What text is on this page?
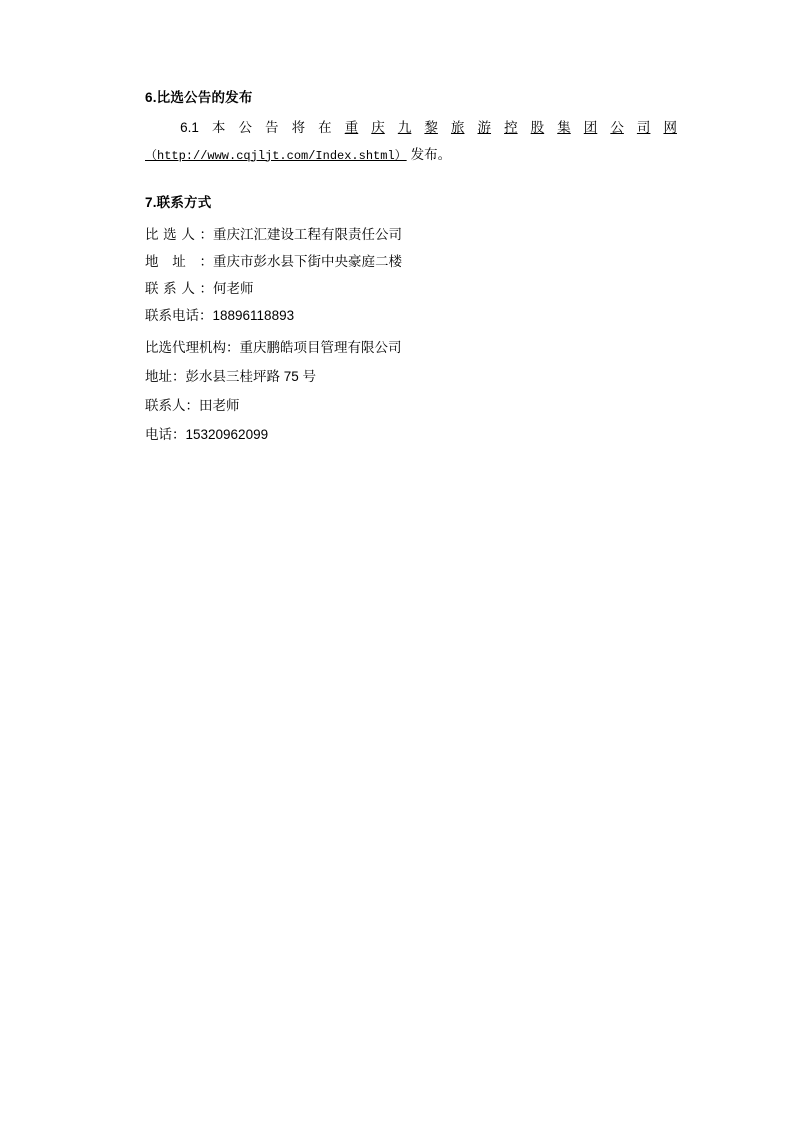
6.比选公告的发布
6.1 本 公 告 将 在 重 庆 九 黎 旅 游 控 股 集 团 公 司 网
（http://www.cqjljt.com/Index.shtml） 发布。
7.联系方式
比 选 人 ： 重庆江汇建设工程有限责任公司
地 址 ： 重庆市彭水县下街中央豪庭二楼
联 系 人 ： 何老师
联系电话：18896118893
比选代理机构：重庆鹏皓项目管理有限公司
地址：彭水县三桂坪路 75 号
联系人：田老师
电话：15320962099
